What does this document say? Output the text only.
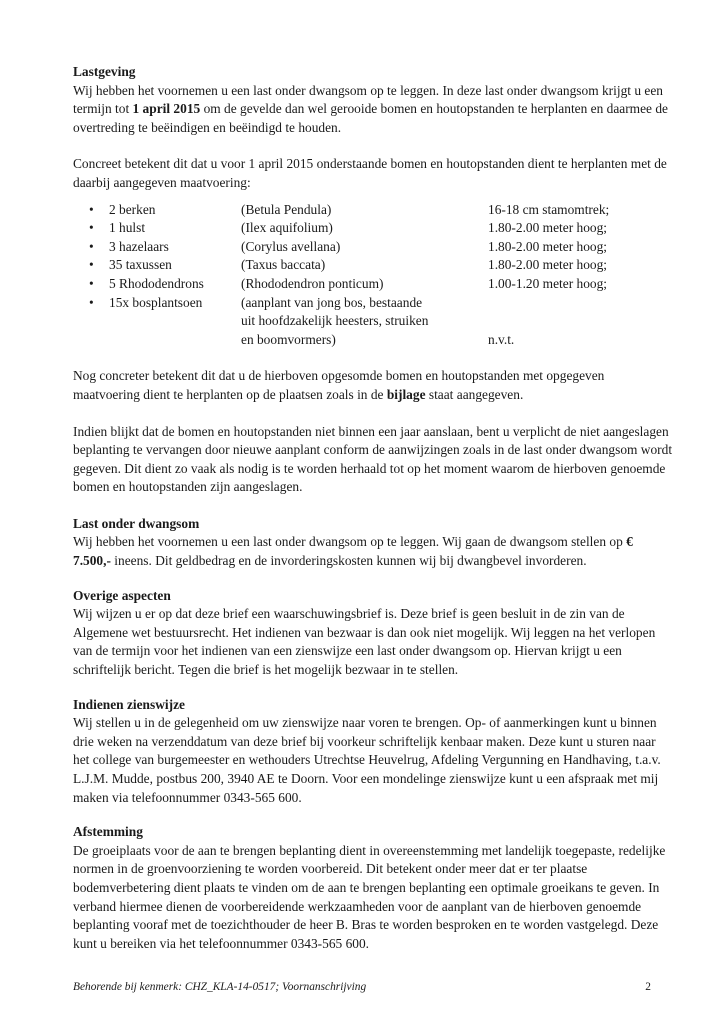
Lastgeving

Wij hebben het voornemen u een last onder dwangsom op te leggen. In deze last onder dwangsom krijgt u een termijn tot 1 april 2015 om de gevelde dan wel gerooide bomen en houtopstanden te herplanten en daarmee de overtreding te beëindigen en beëindigd te houden.

Concreet betekent dit dat u voor 1 april 2015 onderstaande bomen en houtopstanden dient te herplanten met de daarbij aangegeven maatvoering:

•	2 berken	(Betula Pendula)	16-18 cm stamomtrek;
•	1 hulst	(Ilex aquifolium)	1.80-2.00 meter hoog;
•	3 hazelaars	(Corylus avellana)	1.80-2.00 meter hoog;
•	35 taxussen	(Taxus baccata)	1.80-2.00 meter hoog;
•	5 Rhododendrons	(Rhododendron ponticum)	1.00-1.20 meter hoog;
•	15x bosplantsoen	(aanplant van jong bos, bestaande
uit hoofdzakelijk heesters, struiken
en boomvormers)	n.v.t.

Nog concreter betekent dit dat u de hierboven opgesomde bomen en houtopstanden met opgegeven maatvoering dient te herplanten op de plaatsen zoals in de bijlage staat aangegeven.

Indien blijkt dat de bomen en houtopstanden niet binnen een jaar aanslaan, bent u verplicht de niet aangeslagen beplanting te vervangen door nieuwe aanplant conform de aanwijzingen zoals in de last onder dwangsom wordt gegeven. Dit dient zo vaak als nodig is te worden herhaald tot op het moment waarom de hierboven genoemde bomen en houtopstanden zijn aangeslagen.

Last onder dwangsom

Wij hebben het voornemen u een last onder dwangsom op te leggen. Wij gaan de dwangsom stellen op € 7.500,- ineens. Dit geldbedrag en de invorderingskosten kunnen wij bij dwangbevel invorderen.

Overige aspecten

Wij wijzen u er op dat deze brief een waarschuwingsbrief is. Deze brief is geen besluit in de zin van de Algemene wet bestuursrecht. Het indienen van bezwaar is dan ook niet mogelijk. Wij leggen na het verlopen van de termijn voor het indienen van een zienswijze een last onder dwangsom op. Hiervan krijgt u een schriftelijk bericht. Tegen die brief is het mogelijk bezwaar in te stellen.

Indienen zienswijze

Wij stellen u in de gelegenheid om uw zienswijze naar voren te brengen. Op- of aanmerkingen kunt u binnen drie weken na verzenddatum van deze brief bij voorkeur schriftelijk kenbaar maken. Deze kunt u sturen naar het college van burgemeester en wethouders Utrechtse Heuvelrug, Afdeling Vergunning en Handhaving, t.a.v. L.J.M. Mudde, postbus 200, 3940 AE te Doorn. Voor een mondelinge zienswijze kunt u een afspraak met mij maken via telefoonnummer 0343-565 600.

Afstemming

De groeiplaats voor de aan te brengen beplanting dient in overeenstemming met landelijk toegepaste, redelijke normen in de groenvoorziening te worden voorbereid. Dit betekent onder meer dat er ter plaatse bodemverbetering dient plaats te vinden om de aan te brengen beplanting een optimale groeikans te geven. In verband hiermee dienen de voorbereidende werkzaamheden voor de aanplant van de hierboven genoemde beplanting vooraf met de toezichthouder de heer B. Bras te worden besproken en te worden vastgelegd. Deze kunt u bereiken via het telefoonnummer 0343-565 600.

Behorende bij kenmerk: CHZ_KLA-14-0517; Voornanschrijving	2
